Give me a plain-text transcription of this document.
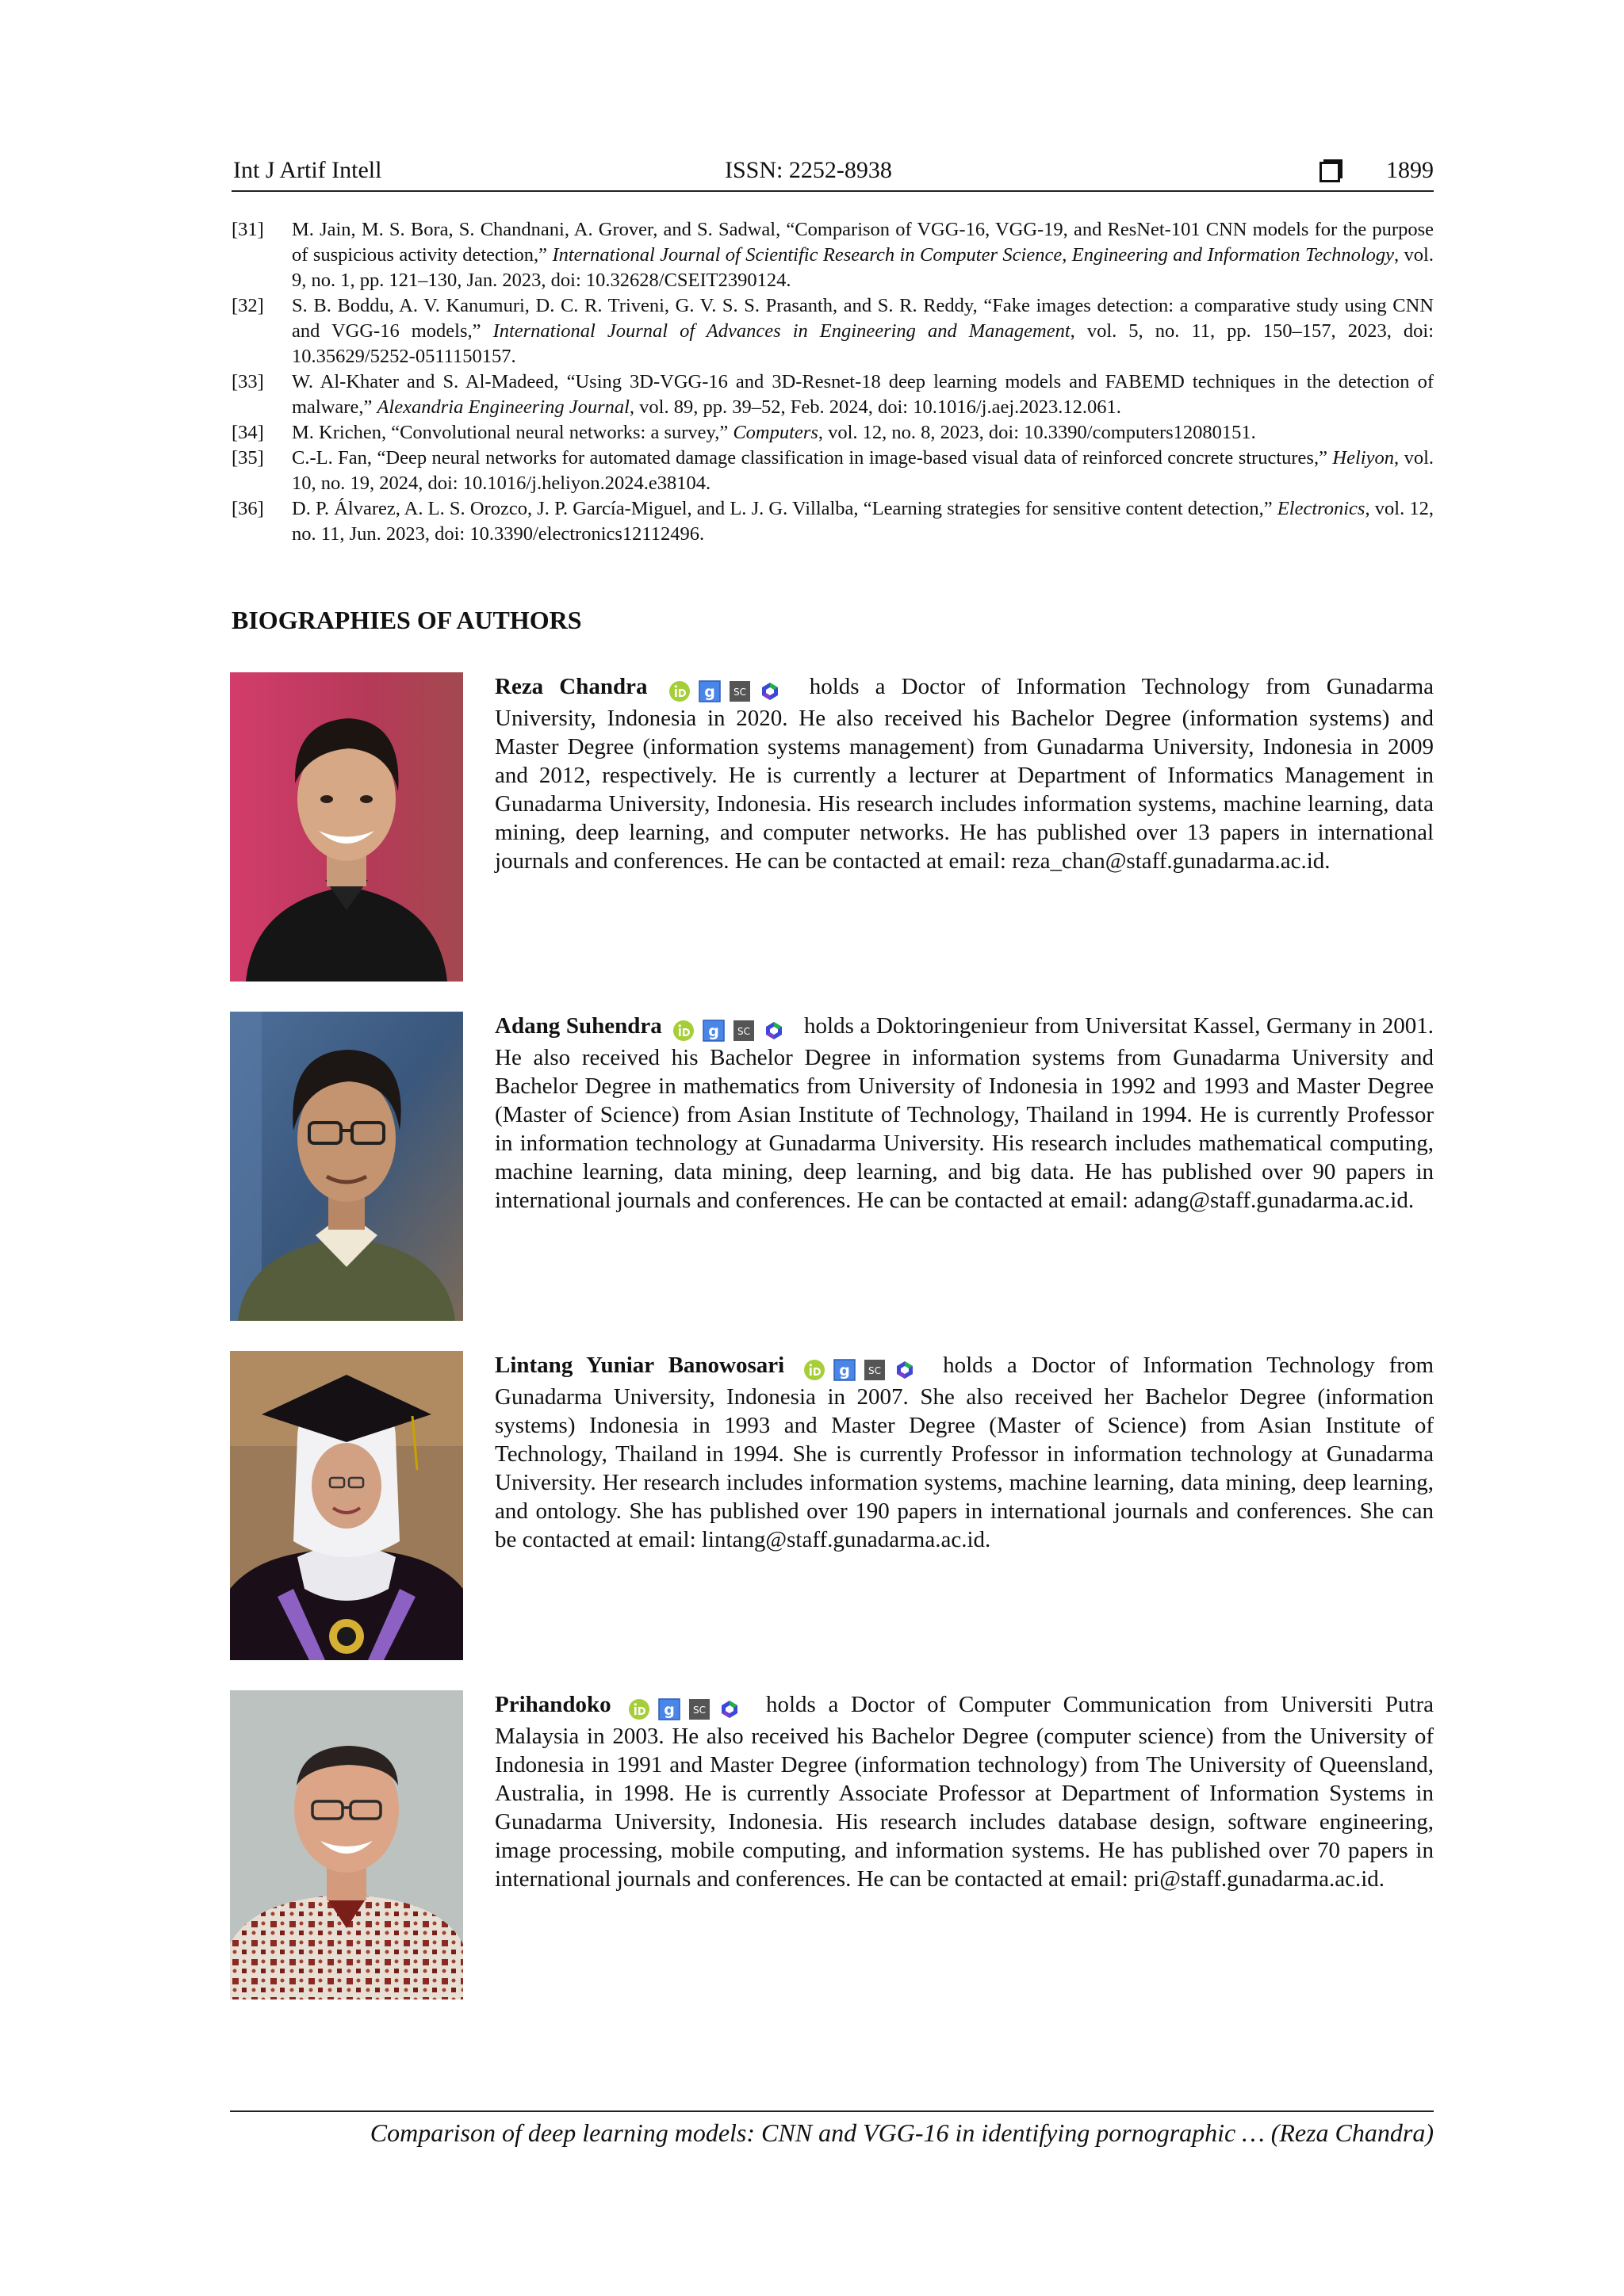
Int J Artif Intell	ISSN: 2252-8938	1899
[31] M. Jain, M. S. Bora, S. Chandnani, A. Grover, and S. Sadwal, “Comparison of VGG-16, VGG-19, and ResNet-101 CNN models for the purpose of suspicious activity detection,” International Journal of Scientific Research in Computer Science, Engineering and Information Technology, vol. 9, no. 1, pp. 121–130, Jan. 2023, doi: 10.32628/CSEIT2390124.
[32] S. B. Boddu, A. V. Kanumuri, D. C. R. Triveni, G. V. S. S. Prasanth, and S. R. Reddy, “Fake images detection: a comparative study using CNN and VGG-16 models,” International Journal of Advances in Engineering and Management, vol. 5, no. 11, pp. 150–157, 2023, doi: 10.35629/5252-0511150157.
[33] W. Al-Khater and S. Al-Madeed, “Using 3D-VGG-16 and 3D-Resnet-18 deep learning models and FABEMD techniques in the detection of malware,” Alexandria Engineering Journal, vol. 89, pp. 39–52, Feb. 2024, doi: 10.1016/j.aej.2023.12.061.
[34] M. Krichen, “Convolutional neural networks: a survey,” Computers, vol. 12, no. 8, 2023, doi: 10.3390/computers12080151.
[35] C.-L. Fan, “Deep neural networks for automated damage classification in image-based visual data of reinforced concrete structures,” Heliyon, vol. 10, no. 19, 2024, doi: 10.1016/j.heliyon.2024.e38104.
[36] D. P. Álvarez, A. L. S. Orozco, J. P. García-Miguel, and L. J. G. Villalba, “Learning strategies for sensitive content detection,” Electronics, vol. 12, no. 11, Jun. 2023, doi: 10.3390/electronics12112496.
BIOGRAPHIES OF AUTHORS
Reza Chandra	holds a Doctor of Information Technology from Gunadarma University, Indonesia in 2020. He also received his Bachelor Degree (information systems) and Master Degree (information systems management) from Gunadarma University, Indonesia in 2009 and 2012, respectively. He is currently a lecturer at Department of Informatics Management in Gunadarma University, Indonesia. His research includes information systems, machine learning, data mining, deep learning, and computer networks. He has published over 13 papers in international journals and conferences. He can be contacted at email: reza_chan@staff.gunadarma.ac.id.
Adang Suhendra	holds a Doktoringenieur from Universitat Kassel, Germany in 2001. He also received his Bachelor Degree in information systems from Gunadarma University and Bachelor Degree in mathematics from University of Indonesia in 1992 and 1993 and Master Degree (Master of Science) from Asian Institute of Technology, Thailand in 1994. He is currently Professor in information technology at Gunadarma University. His research includes mathematical computing, machine learning, data mining, deep learning, and big data. He has published over 90 papers in international journals and conferences. He can be contacted at email: adang@staff.gunadarma.ac.id.
Lintang Yuniar Banowosari	holds a Doctor of Information Technology from Gunadarma University, Indonesia in 2007. She also received her Bachelor Degree (information systems) Indonesia in 1993 and Master Degree (Master of Science) from Asian Institute of Technology, Thailand in 1994. She is currently Professor in information technology at Gunadarma University. Her research includes information systems, machine learning, data mining, deep learning, and ontology. She has published over 190 papers in international journals and conferences. She can be contacted at email: lintang@staff.gunadarma.ac.id.
Prihandoko	holds a Doctor of Computer Communication from Universiti Putra Malaysia in 2003. He also received his Bachelor Degree (computer science) from the University of Indonesia in 1991 and Master Degree (information technology) from The University of Queensland, Australia, in 1998. He is currently Associate Professor at Department of Information Systems in Gunadarma University, Indonesia. His research includes database design, software engineering, image processing, mobile computing, and information systems. He has published over 70 papers in international journals and conferences. He can be contacted at email: pri@staff.gunadarma.ac.id.
Comparison of deep learning models: CNN and VGG-16 in identifying pornographic … (Reza Chandra)
